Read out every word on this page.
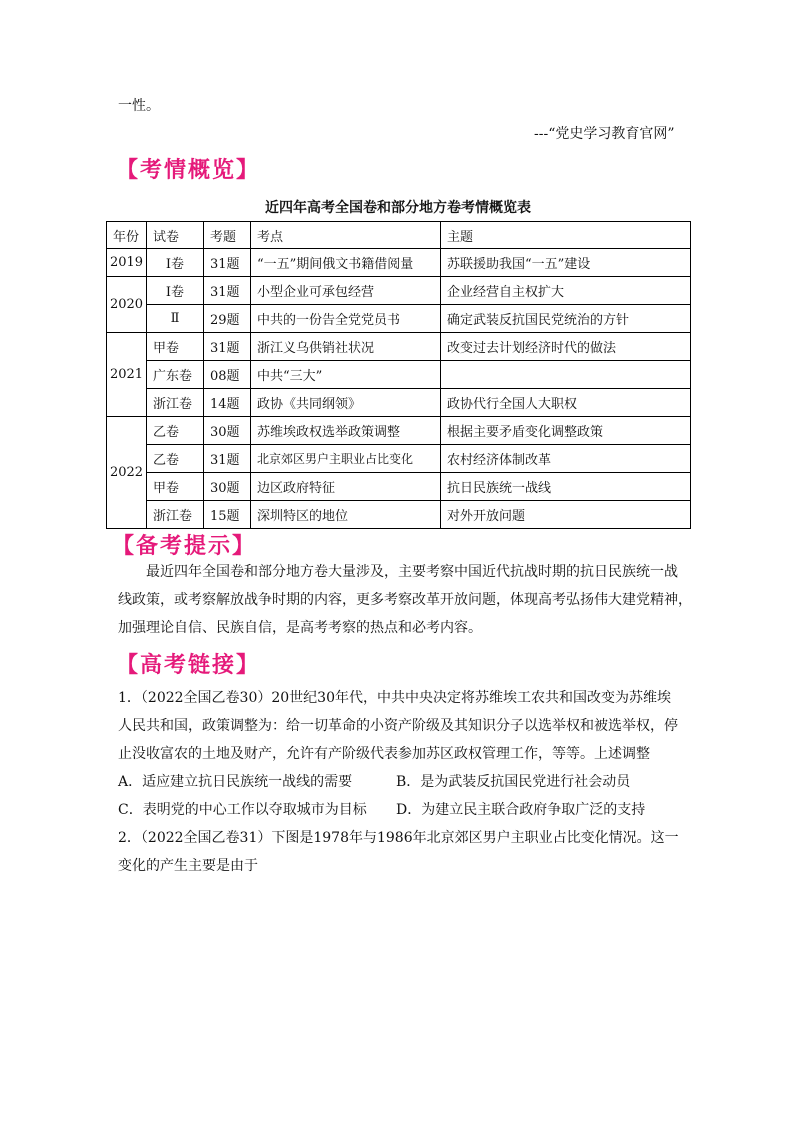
一性。
---“党史学习教育官网”
【考情概览】
近四年高考全国卷和部分地方卷考情概览表
年份	试卷	考题	考点	主题
2019	Ⅰ卷	31题	“一五”期间俄文书籍借阅量	苏联援助我国“一五”建设
2020	Ⅰ卷	31题	小型企业可承包经营	企业经营自主权扩大
	Ⅱ	29题	中共的一份告全党党员书	确定武装反抗国民党统治的方针
2021	甲卷	31题	浙江义乌供销社状况	改变过去计划经济时代的做法
	广东卷	08题	中共“三大”	
	浙江卷	14题	政协《共同纲领》	政协代行全国人大职权
2022	乙卷	30题	苏维埃政权选举政策调整	根据主要矛盾变化调整政策
	乙卷	31题	北京郊区男户主职业占比变化	农村经济体制改革
	甲卷	30题	边区政府特征	抗日民族统一战线
	浙江卷	15题	深圳特区的地位	对外开放问题
【备考提示】
最近四年全国卷和部分地方卷大量涉及，主要考察中国近代抗战时期的抗日民族统一战
线政策，或考察解放战争时期的内容，更多考察改革开放问题，体现高考弘扬伟大建党精神，
加强理论自信、民族自信，是高考考察的热点和必考内容。
【高考链接】
1．（2022全国乙卷30）20世纪30年代，中共中央决定将苏维埃工农共和国改变为苏维埃
人民共和国，政策调整为：给一切革命的小资产阶级及其知识分子以选举权和被选举权，停
止没收富农的土地及财产，允许有产阶级代表参加苏区政权管理工作，等等。上述调整
A．适应建立抗日民族统一战线的需要	B．是为武装反抗国民党进行社会动员
C．表明党的中心工作以夺取城市为目标 D．为建立民主联合政府争取广泛的支持
2．（2022全国乙卷31）下图是1978年与1986年北京郊区男户主职业占比变化情况。这一
变化的产生主要是由于
